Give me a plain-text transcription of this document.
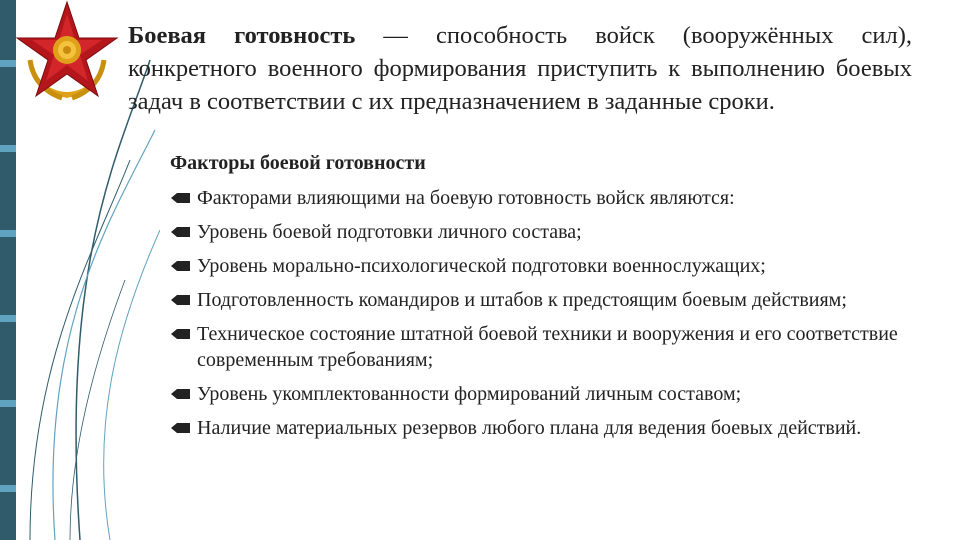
Боевая готовность — способность войск (вооружённых сил), конкретного военного формирования приступить к выполнению боевых задач в соответствии с их предназначением в заданные сроки.

Факторы боевой готовности
Факторами влияющими на боевую готовность войск являются:
Уровень боевой подготовки личного состава;
Уровень морально-психологической подготовки военнослужащих;
Подготовленность командиров и штабов к предстоящим боевым действиям;
Техническое состояние штатной боевой техники и вооружения и его соответствие современным требованиям;
Уровень укомплектованности формирований личным составом;
Наличие материальных резервов любого плана для ведения боевых действий.
